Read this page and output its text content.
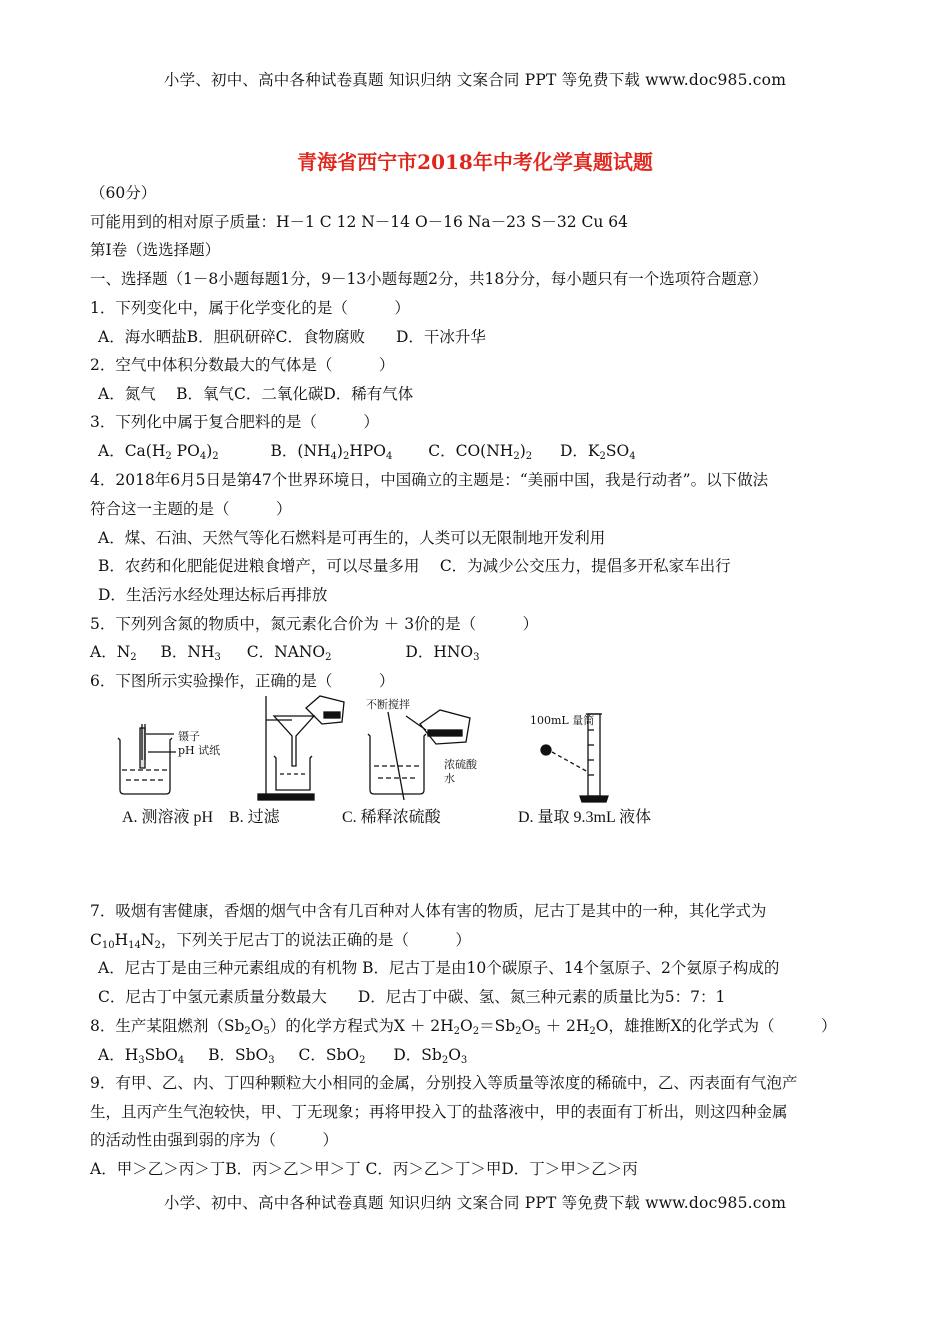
小学、初中、高中各种试卷真题 知识归纳 文案合同 PPT 等免费下载 www.doc985.com
青海省西宁市2018年中考化学真题试题
（60分）
可能用到的相对原子质量：H－1 C 12 N－14 O－16 Na－23 S－32 Cu 64
第Ⅰ卷（选选择题）
一、选择题（1－8小题每题1分，9－13小题每题2分，共18分分，每小题只有一个选项符合题意）
1．下列变化中，属于化学变化的是（　　　）
A．海水晒盐B．胆矾研碎C．食物腐败　　D．干冰升华
2．空气中体积分数最大的气体是（　　　）
A．氮气　 B．氧气C．二氧化碳D．稀有气体
3．下列化中属于复合肥料的是（　　　）
A．$Ca(H_2$ $PO_4)_2$	B．$(NH_4)_2HPO_4$ C．$CO(NH_2)_2$ D．$K_2SO_4$
4．2018年6月5日是第47个世界环境日，中国确立的主题是：“美丽中国，我是行动者”。以下做法
符合这一主题的是（　　　）
A．煤、石油、天然气等化石燃料是可再生的，人类可以无限制地开发利用
B．农药和化肥能促进粮食增产，可以尽量多用　 C．为减少公交压力，提倡多开私家车出行
D．生活污水经处理达标后再排放
5．下列列含氮的物质中，氮元素化合价为 ＋ 3价的是（　　　）
A．$N_2$ B．$NH_3$ C．$NANO_2$	D．$HNO_3$
6．下图所示实验操作，正确的是（　　　）
镊子
pH 试纸
不断搅拌
浓硫酸
水
100mL 量筒
A. 测溶液 pH B. 过滤	C. 稀释浓硫酸	D. 量取 9.3mL 液体
7．吸烟有害健康，香烟的烟气中含有几百种对人体有害的物质，尼古丁是其中的一种，其化学式为
$C_{10}H_{14}N_2$，下列关于尼古丁的说法正确的是（　　　）
A．尼古丁是由三种元素组成的有机物 B．尼古丁是由10个碳原子、14个氢原子、2个氨原子构成的
C．尼古丁中氢元素质量分数最大　　D．尼古丁中碳、氢、氮三种元素的质量比为5：7：1
8．生产某阻燃剂$(Sb_2O_5)$的化学方程式为$X + 2H_2O_2=Sb_2O_5 + 2H_2O$，雄推断X的化学式为（　　　）
A．$H_3SbO_4$ B．SbO$_3$ C．SbO$_2$ D．$Sb_2O_3$
9．有甲、乙、内、丁四种颗粒大小相同的金属，分别投入等质量等浓度的稀硫中，乙、丙表面有气泡产
生，且丙产生气泡较快，甲、丁无现象；再将甲投入丁的盐落液中，甲的表面有丁析出，则这四种金属
的活动性由强到弱的序为（　　　）
A．甲＞乙＞丙＞丁B．丙＞乙＞甲＞丁 C．丙＞乙＞丁＞甲D．丁＞甲＞乙＞丙
小学、初中、高中各种试卷真题 知识归纳 文案合同 PPT 等免费下载 www.doc985.com
